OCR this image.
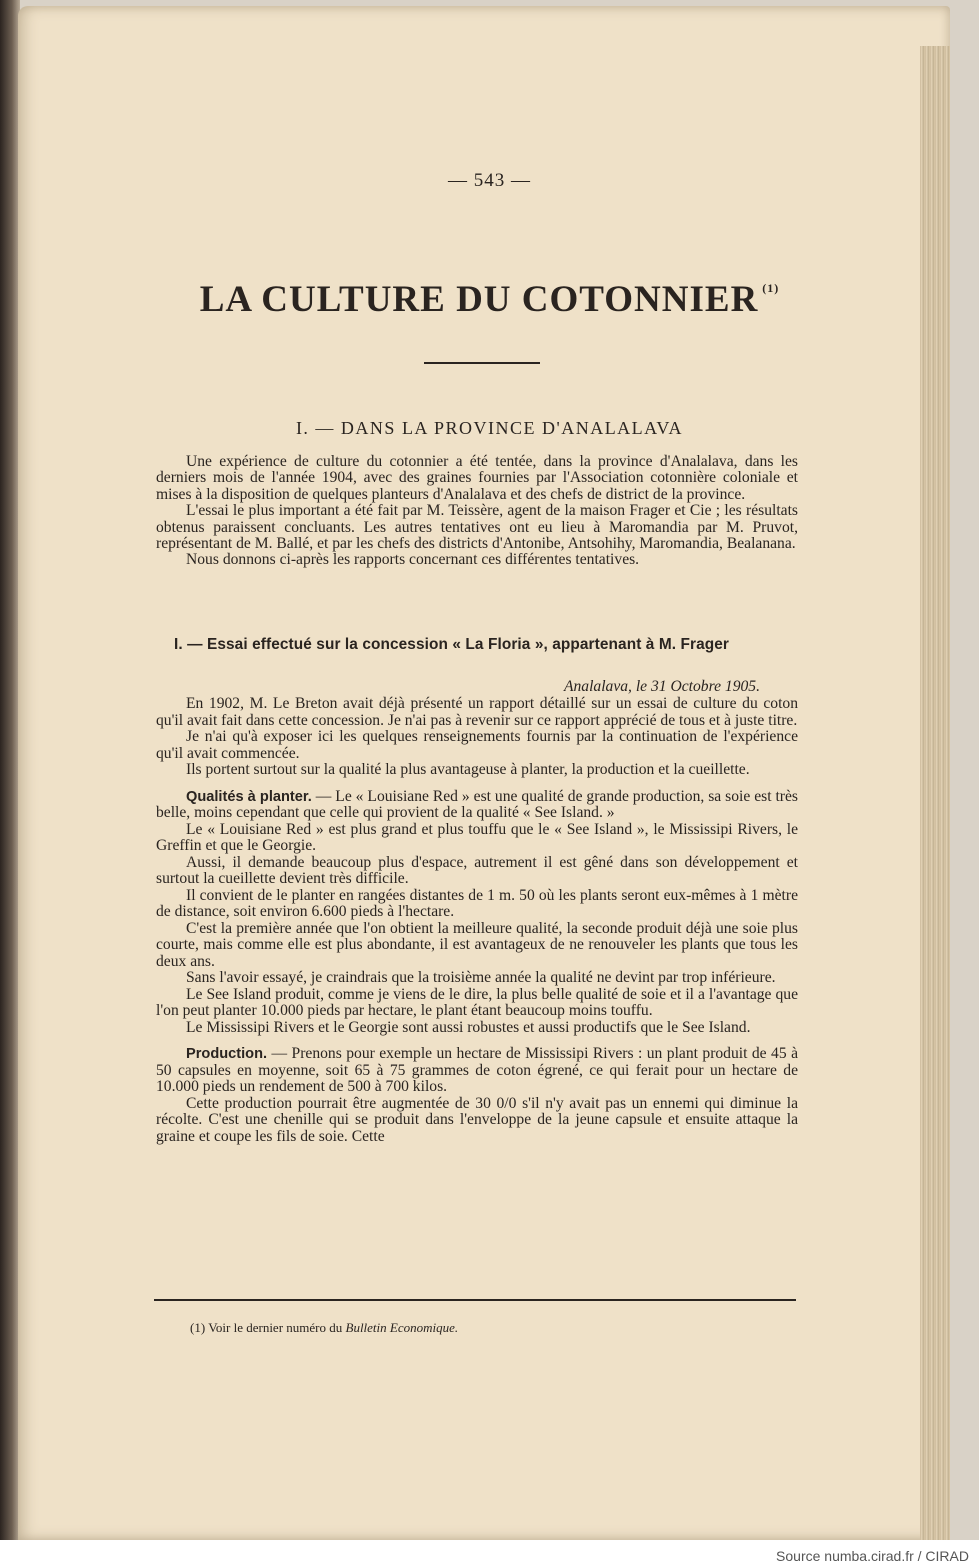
— 543 —
LA CULTURE DU COTONNIER $^{(1)}$
I. — DANS LA PROVINCE D'ANALALAVA

Une expérience de culture du cotonnier a été tentée, dans la province d'Analalava, dans les derniers mois de l'année 1904, avec des graines fournies par l'Association cotonnière coloniale et mises à la disposition de quelques planteurs d'Analalava et des chefs de district de la province.

L'essai le plus important a été fait par M. Teissère, agent de la maison Frager et Cie ; les résultats obtenus paraissent concluants. Les autres tentatives ont eu lieu à Maromandia par M. Pruvot, représentant de M. Ballé, et par les chefs des districts d'Antonibe, Antsohihy, Maromandia, Bealanana.

Nous donnons ci-après les rapports concernant ces différentes tentatives.

I. — Essai effectué sur la concession « La Floria », appartenant à M. Frager
Analalava, le 31 Octobre 1905.

En 1902, M. Le Breton avait déjà présenté un rapport détaillé sur un essai de culture du coton qu'il avait fait dans cette concession. Je n'ai pas à revenir sur ce rapport apprécié de tous et à juste titre.

Je n'ai qu'à exposer ici les quelques renseignements fournis par la continuation de l'expérience qu'il avait commencée.

Ils portent surtout sur la qualité la plus avantageuse à planter, la production et la cueillette.

Qualités à planter. — Le « Louisiane Red » est une qualité de grande production, sa soie est très belle, moins cependant que celle qui provient de la qualité « See Island. »

Le « Louisiane Red » est plus grand et plus touffu que le « See Island », le Mississipi Rivers, le Greffin et que le Georgie.

Aussi, il demande beaucoup plus d'espace, autrement il est gêné dans son développement et surtout la cueillette devient très difficile.

Il convient de le planter en rangées distantes de 1 m. 50 où les plants seront eux-mêmes à 1 mètre de distance, soit environ 6.600 pieds à l'hectare.

C'est la première année que l'on obtient la meilleure qualité, la seconde produit déjà une soie plus courte, mais comme elle est plus abondante, il est avantageux de ne renouveler les plants que tous les deux ans.

Sans l'avoir essayé, je craindrais que la troisième année la qualité ne devint par trop inférieure.

Le See Island produit, comme je viens de le dire, la plus belle qualité de soie et il a l'avantage que l'on peut planter 10.000 pieds par hectare, le plant étant beaucoup moins touffu.

Le Mississipi Rivers et le Georgie sont aussi robustes et aussi productifs que le See Island.

Production. — Prenons pour exemple un hectare de Mississipi Rivers : un plant produit de 45 à 50 capsules en moyenne, soit 65 à 75 grammes de coton égrené, ce qui ferait pour un hectare de 10.000 pieds un rendement de 500 à 700 kilos.

Cette production pourrait être augmentée de 30 0/0 s'il n'y avait pas un ennemi qui diminue la récolte. C'est une chenille qui se produit dans l'enveloppe de la jeune capsule et ensuite attaque la graine et coupe les fils de soie. Cette

(1) Voir le dernier numéro du Bulletin Economique.
Source numba.cirad.fr / CIRAD
